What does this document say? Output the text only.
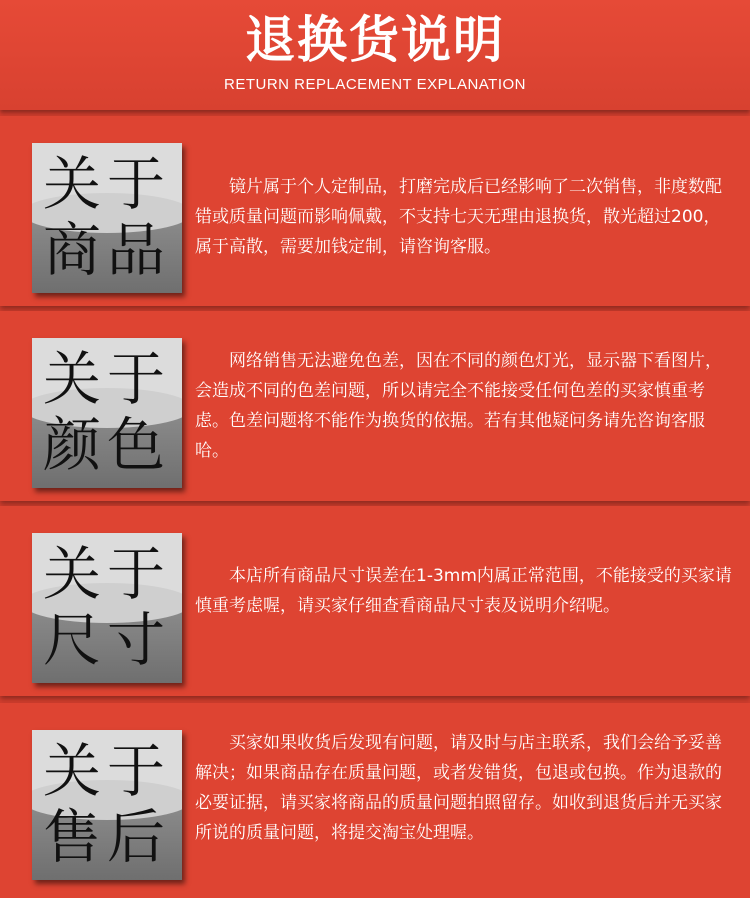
退换货说明
RETURN REPLACEMENT EXPLANATION
关于
商品
镜片属于个人定制品，打磨完成后已经影响了二次销售，非度数配错或质量问题而影响佩戴，不支持七天无理由退换货，散光超过200，属于高散，需要加钱定制，请咨询客服。
关于
颜色
网络销售无法避免色差，因在不同的颜色灯光，显示器下看图片，会造成不同的色差问题，所以请完全不能接受任何色差的买家慎重考虑。色差问题将不能作为换货的依据。若有其他疑问务请先咨询客服哈。
关于
尺寸
本店所有商品尺寸误差在1-3mm内属正常范围，不能接受的买家请慎重考虑喔，请买家仔细查看商品尺寸表及说明介绍呢。
关于
售后
买家如果收货后发现有问题，请及时与店主联系，我们会给予妥善解决；如果商品存在质量问题，或者发错货，包退或包换。作为退款的必要证据，请买家将商品的质量问题拍照留存。如收到退货后并无买家所说的质量问题，将提交淘宝处理喔。
